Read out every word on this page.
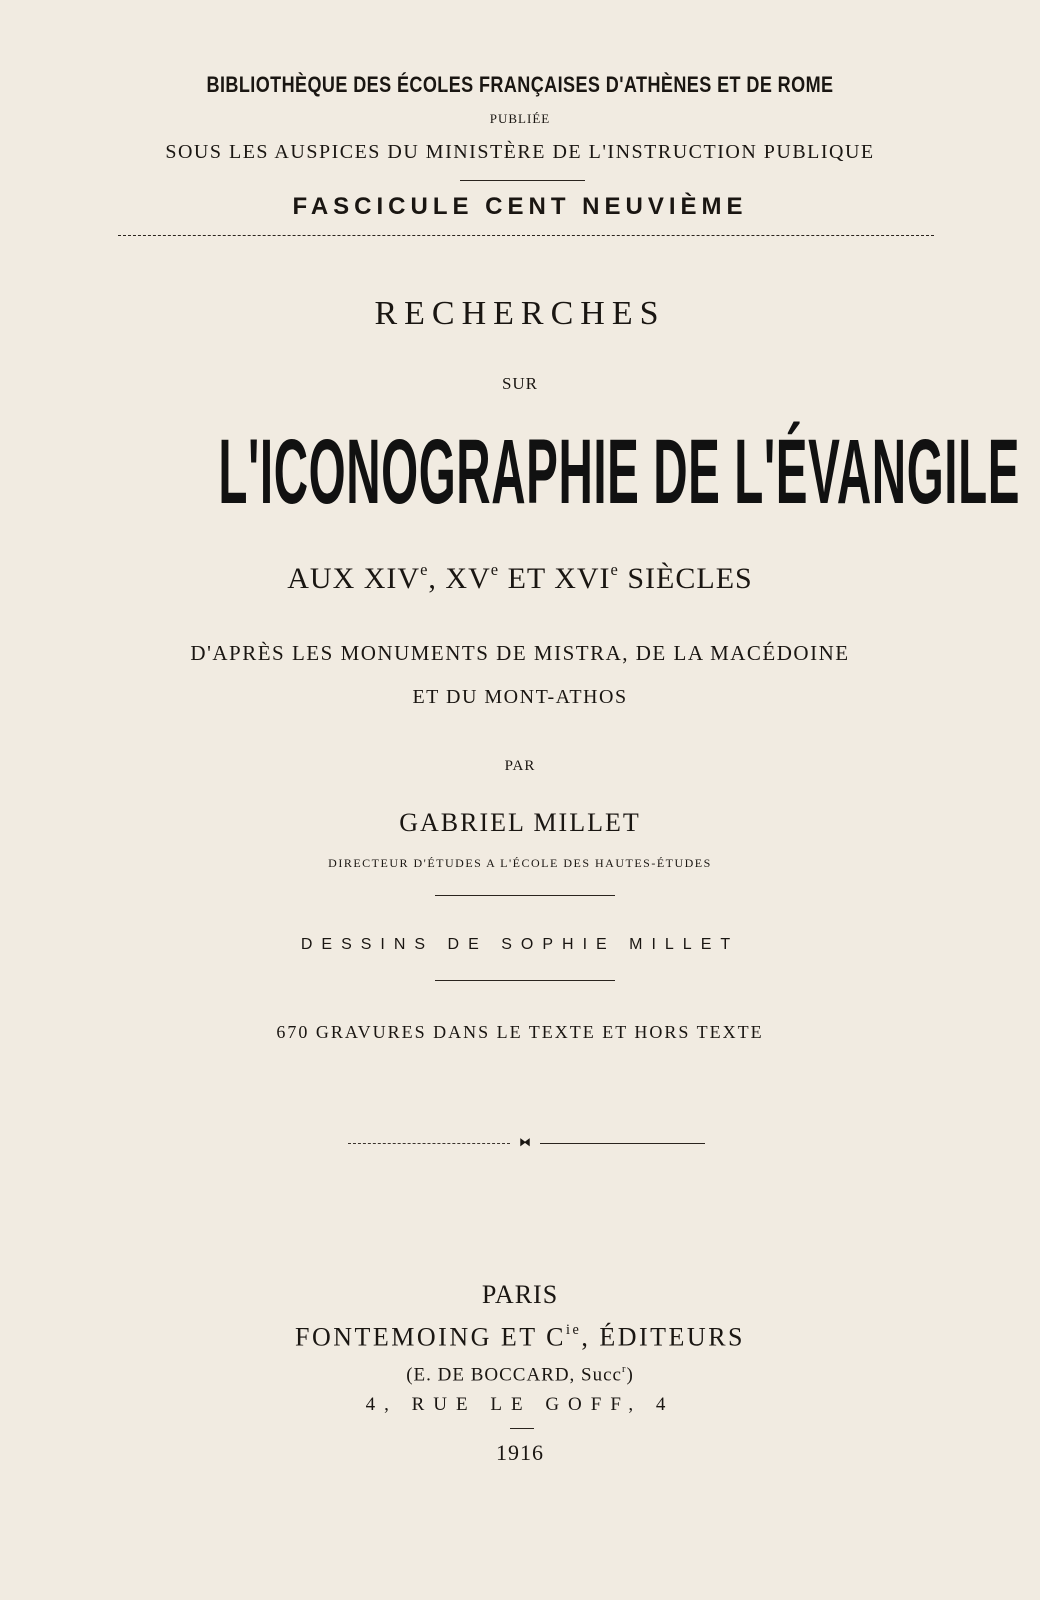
BIBLIOTHÈQUE DES ÉCOLES FRANÇAISES D'ATHÈNES ET DE ROME
PUBLIÉE
SOUS LES AUSPICES DU MINISTÈRE DE L'INSTRUCTION PUBLIQUE
FASCICULE CENT NEUVIÈME
RECHERCHES
SUR
L'ICONOGRAPHIE DE L'ÉVANGILE
AUX XIVe, XVe ET XVIe SIÈCLES
D'APRÈS LES MONUMENTS DE MISTRA, DE LA MACÉDOINE
ET DU MONT-ATHOS
PAR
GABRIEL MILLET
DIRECTEUR D'ÉTUDES A L'ÉCOLE DES HAUTES-ÉTUDES
DESSINS DE SOPHIE MILLET
670 GRAVURES DANS LE TEXTE ET HORS TEXTE
⧓
PARIS
FONTEMOING ET $C^{ie}$, ÉDITEURS
(E. DE BOCCARD, Succ$^r$)
4, RUE LE GOFF, 4
1916
